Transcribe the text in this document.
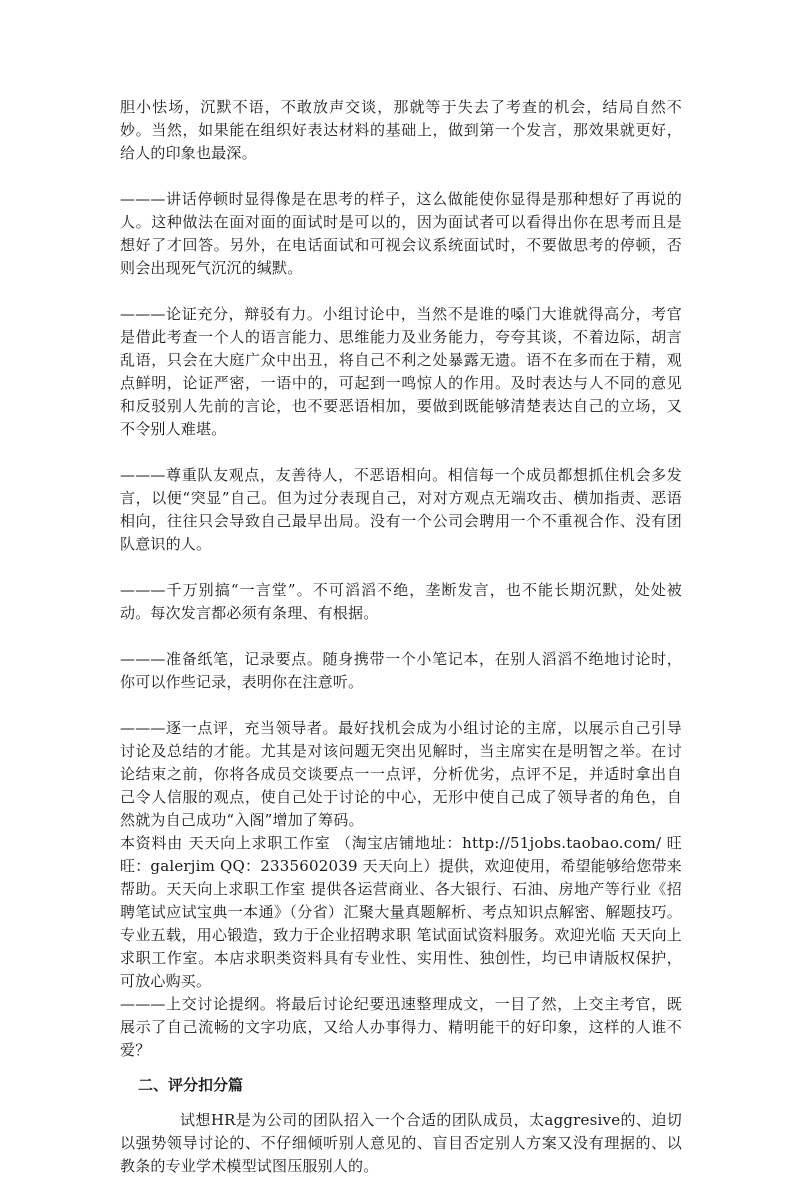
胆小怯场，沉默不语，不敢放声交谈，那就等于失去了考查的机会，结局自然不妙。当然，如果能在组织好表达材料的基础上，做到第一个发言，那效果就更好，给人的印象也最深。

———讲话停顿时显得像是在思考的样子，这么做能使你显得是那种想好了再说的人。这种做法在面对面的面试时是可以的，因为面试者可以看得出你在思考而且是想好了才回答。另外，在电话面试和可视会议系统面试时，不要做思考的停顿，否则会出现死气沉沉的缄默。

———论证充分，辩驳有力。小组讨论中，当然不是谁的嗓门大谁就得高分，考官是借此考查一个人的语言能力、思维能力及业务能力，夸夸其谈，不着边际，胡言乱语，只会在大庭广众中出丑，将自己不利之处暴露无遗。语不在多而在于精，观点鲜明，论证严密，一语中的，可起到一鸣惊人的作用。及时表达与人不同的意见和反驳别人先前的言论，也不要恶语相加，要做到既能够清楚表达自己的立场，又不令别人难堪。

———尊重队友观点，友善待人，不恶语相向。相信每一个成员都想抓住机会多发言，以便“突显”自己。但为过分表现自己，对对方观点无端攻击、横加指责、恶语相向，往往只会导致自己最早出局。没有一个公司会聘用一个不重视合作、没有团队意识的人。

———千万别搞“一言堂”。不可滔滔不绝，垄断发言，也不能长期沉默，处处被动。每次发言都必须有条理、有根据。

———准备纸笔，记录要点。随身携带一个小笔记本，在别人滔滔不绝地讨论时，你可以作些记录，表明你在注意听。

———逐一点评，充当领导者。最好找机会成为小组讨论的主席，以展示自己引导讨论及总结的才能。尤其是对该问题无突出见解时，当主席实在是明智之举。在讨论结束之前，你将各成员交谈要点一一点评，分析优劣，点评不足，并适时拿出自己令人信服的观点，使自己处于讨论的中心，无形中使自己成了领导者的角色，自然就为自己成功“入阁”增加了筹码。

本资料由 天天向上求职工作室 （淘宝店铺地址：http://51jobs.taobao.com/ 旺旺：galerjim QQ：2335602039 天天向上）提供，欢迎使用，希望能够给您带来帮助。天天向上求职工作室 提供各运营商业、各大银行、石油、房地产等行业《招聘笔试应试宝典一本通》（分省）汇聚大量真题解析、考点知识点解密、解题技巧。专业五载，用心锻造，致力于企业招聘求职 笔试面试资料服务。欢迎光临 天天向上求职工作室。本店求职类资料具有专业性、实用性、独创性，均已申请版权保护，可放心购买。

———上交讨论提纲。将最后讨论纪要迅速整理成文，一目了然，上交主考官，既展示了自己流畅的文字功底，又给人办事得力、精明能干的好印象，这样的人谁不爱？

二、评分扣分篇

试想HR是为公司的团队招入一个合适的团队成员，太aggresive的、迫切以强势领导讨论的、不仔细倾听别人意见的、盲目否定别人方案又没有理据的、以教条的专业学术模型试图压服别人的。
